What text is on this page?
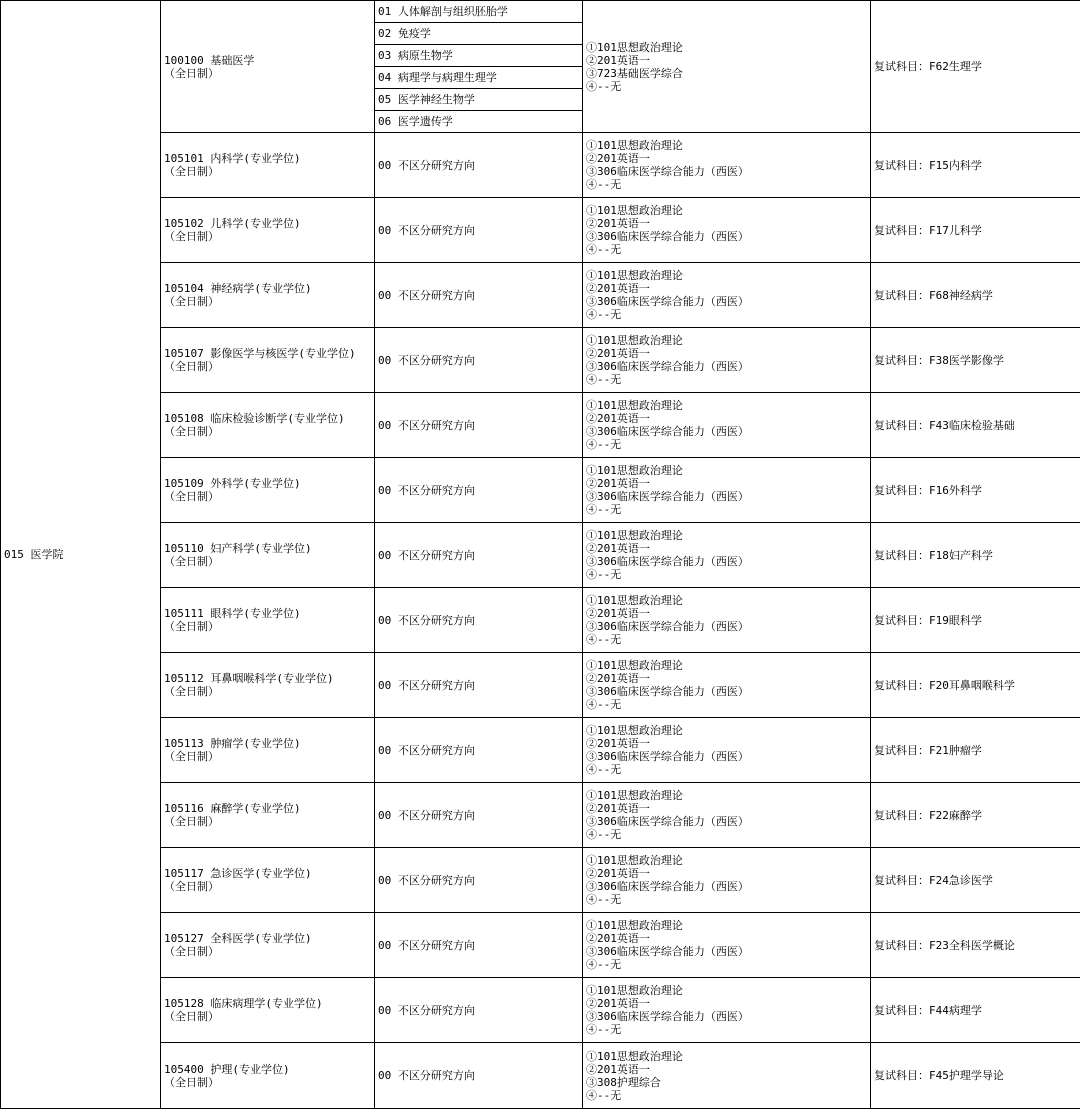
015 医学院	100100 基础医学
（全日制）	01 人体解剖与组织胚胎学	①101思想政治理论
②201英语一
③723基础医学综合
④--无	复试科目：F62生理学
		02 免疫学		
		03 病原生物学		
		04 病理学与病理生理学		
		05 医学神经生物学		
		06 医学遗传学		

	105101 内科学(专业学位)
（全日制）	00 不区分研究方向	①101思想政治理论
②201英语一
③306临床医学综合能力（西医）
④--无	复试科目：F15内科学

	105102 儿科学(专业学位)
（全日制）	00 不区分研究方向	①101思想政治理论
②201英语一
③306临床医学综合能力（西医）
④--无	复试科目：F17儿科学

	105104 神经病学(专业学位)
（全日制）	00 不区分研究方向	①101思想政治理论
②201英语一
③306临床医学综合能力（西医）
④--无	复试科目：F68神经病学

	105107 影像医学与核医学(专业学位)
（全日制）	00 不区分研究方向	①101思想政治理论
②201英语一
③306临床医学综合能力（西医）
④--无	复试科目：F38医学影像学

	105108 临床检验诊断学(专业学位)
（全日制）	00 不区分研究方向	①101思想政治理论
②201英语一
③306临床医学综合能力（西医）
④--无	复试科目：F43临床检验基础

	105109 外科学(专业学位)
（全日制）	00 不区分研究方向	①101思想政治理论
②201英语一
③306临床医学综合能力（西医）
④--无	复试科目：F16外科学

	105110 妇产科学(专业学位)
（全日制）	00 不区分研究方向	①101思想政治理论
②201英语一
③306临床医学综合能力（西医）
④--无	复试科目：F18妇产科学

	105111 眼科学(专业学位)
（全日制）	00 不区分研究方向	①101思想政治理论
②201英语一
③306临床医学综合能力（西医）
④--无	复试科目：F19眼科学

	105112 耳鼻咽喉科学(专业学位)
（全日制）	00 不区分研究方向	①101思想政治理论
②201英语一
③306临床医学综合能力（西医）
④--无	复试科目：F20耳鼻咽喉科学

	105113 肿瘤学(专业学位)
（全日制）	00 不区分研究方向	①101思想政治理论
②201英语一
③306临床医学综合能力（西医）
④--无	复试科目：F21肿瘤学

	105116 麻醉学(专业学位)
（全日制）	00 不区分研究方向	①101思想政治理论
②201英语一
③306临床医学综合能力（西医）
④--无	复试科目：F22麻醉学

	105117 急诊医学(专业学位)
（全日制）	00 不区分研究方向	①101思想政治理论
②201英语一
③306临床医学综合能力（西医）
④--无	复试科目：F24急诊医学

	105127 全科医学(专业学位)
（全日制）	00 不区分研究方向	①101思想政治理论
②201英语一
③306临床医学综合能力（西医）
④--无	复试科目：F23全科医学概论

	105128 临床病理学(专业学位)
（全日制）	00 不区分研究方向	①101思想政治理论
②201英语一
③306临床医学综合能力（西医）
④--无	复试科目：F44病理学

	105400 护理(专业学位)
（全日制）	00 不区分研究方向	①101思想政治理论
②201英语一
③308护理综合
④--无	复试科目：F45护理学导论
